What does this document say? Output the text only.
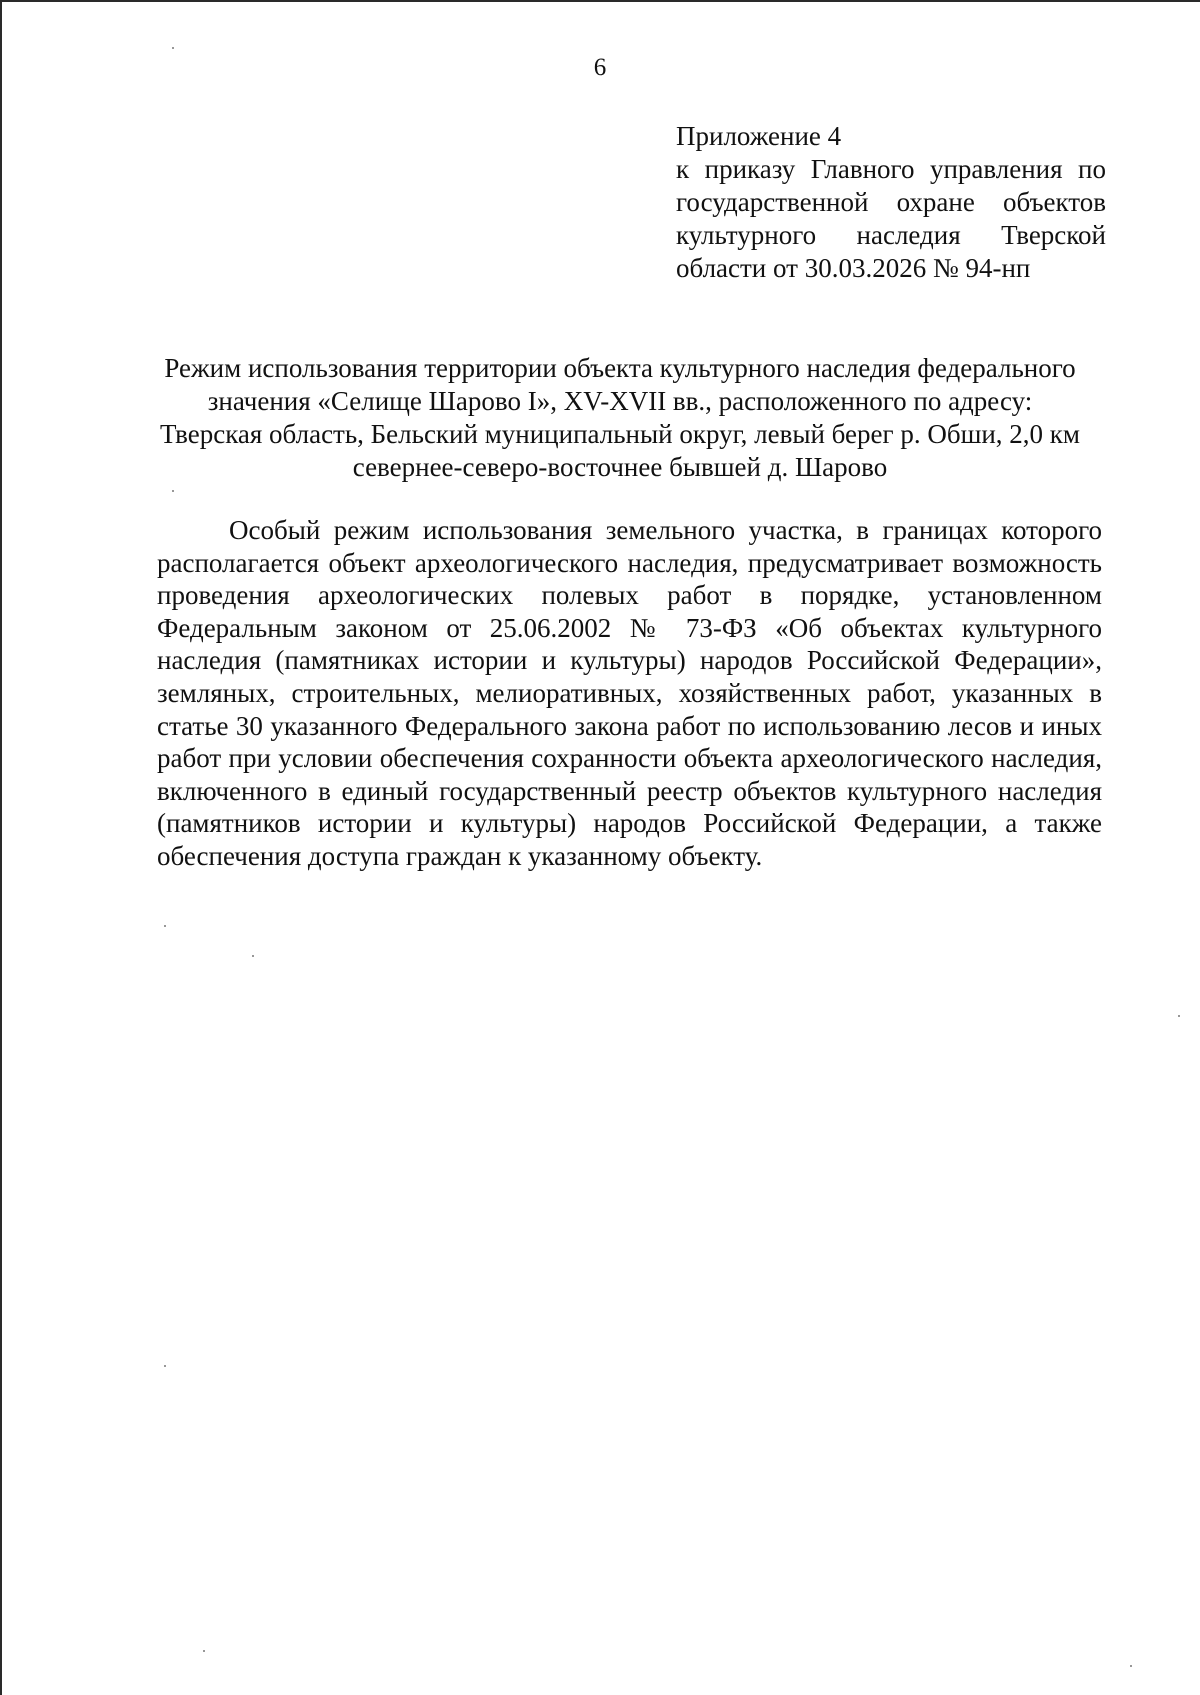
6
Приложение 4
к приказу Главного управления по государственной охране объектов культурного наследия Тверской области от 30.03.2026 № 94-нп
Режим использования территории объекта культурного наследия федерального значения «Селище Шарово I», XV-XVII вв., расположенного по адресу: Тверская область, Бельский муниципальный округ, левый берег р. Обши, 2,0 км севернее-северо-восточнее бывшей д. Шарово
Особый режим использования земельного участка, в границах которого располагается объект археологического наследия, предусматривает возможность проведения археологических полевых работ в порядке, установленном Федеральным законом от 25.06.2002 № 73-ФЗ «Об объектах культурного наследия (памятниках истории и культуры) народов Российской Федерации», земляных, строительных, мелиоративных, хозяйственных работ, указанных в статье 30 указанного Федерального закона работ по использованию лесов и иных работ при условии обеспечения сохранности объекта археологического наследия, включенного в единый государственный реестр объектов культурного наследия (памятников истории и культуры) народов Российской Федерации, а также обеспечения доступа граждан к указанному объекту.
